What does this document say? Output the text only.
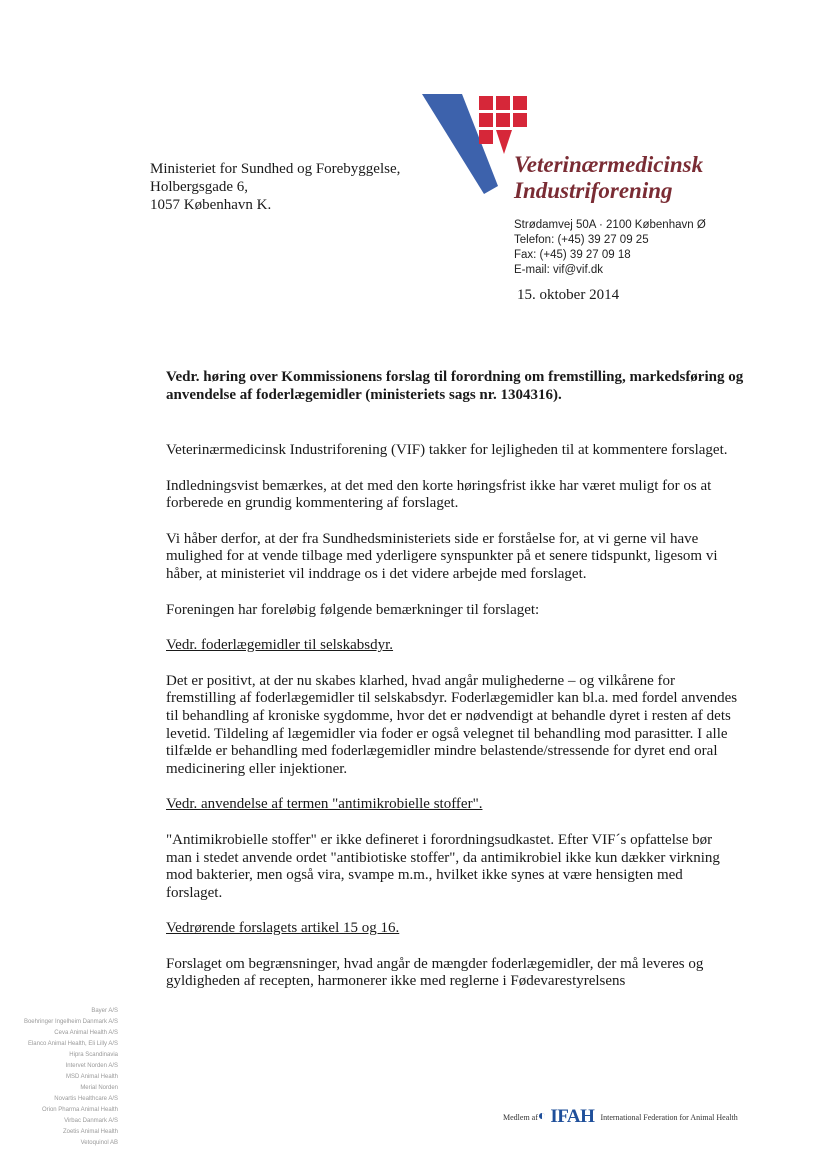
Veterinærmedicinsk
Industriforening
Ministeriet for Sundhed og Forebyggelse,
Holbergsgade 6,
1057 København K.
Strødamvej 50A · 2100 København Ø
Telefon: (+45) 39 27 09 25
Fax: (+45) 39 27 09 18
E-mail: vif@vif.dk
15. oktober 2014
Vedr. høring over Kommissionens forslag til forordning om fremstilling, markedsføring og anvendelse af foderlægemidler (ministeriets sags nr. 1304316).

Veterinærmedicinsk Industriforening (VIF) takker for lejligheden til at kommentere forslaget.

Indledningsvist bemærkes, at det med den korte høringsfrist ikke har været muligt for os at forberede en grundig kommentering af forslaget.

Vi håber derfor, at der fra Sundhedsministeriets side er forståelse for, at vi gerne vil have mulighed for at vende tilbage med yderligere synspunkter på et senere tidspunkt, ligesom vi håber, at ministeriet vil inddrage os i det videre arbejde med forslaget.

Foreningen har foreløbig følgende bemærkninger til forslaget:

Vedr. foderlægemidler til selskabsdyr.

Det er positivt, at der nu skabes klarhed, hvad angår mulighederne – og vilkårene for fremstilling af foderlægemidler til selskabsdyr. Foderlægemidler kan bl.a. med fordel anvendes til behandling af kroniske sygdomme, hvor det er nødvendigt at behandle dyret i resten af dets levetid. Tildeling af lægemidler via foder er også velegnet til behandling mod parasitter. I alle tilfælde er behandling med foderlægemidler mindre belastende/stressende for dyret end oral medicinering eller injektioner.

Vedr. anvendelse af termen "antimikrobielle stoffer".

"Antimikrobielle stoffer" er ikke defineret i forordningsudkastet. Efter VIF´s opfattelse bør man i stedet anvende ordet "antibiotiske stoffer", da antimikrobiel ikke kun dækker virkning mod bakterier, men også vira, svampe m.m., hvilket ikke synes at være hensigten med forslaget.

Vedrørende forslagets artikel 15 og 16.

Forslaget om begrænsninger, hvad angår de mængder foderlægemidler, der må leveres og gyldigheden af recepten, harmonerer ikke med reglerne i Fødevarestyrelsens

Bayer A/S
Boehringer Ingelheim Danmark A/S
Ceva Animal Health A/S
Elanco Animal Health, Eli Lilly A/S
Hipra Scandinavia
Intervet Norden A/S
MSD Animal Health
Merial Norden
Novartis Healthcare A/S
Orion Pharma Animal Health
Virbac Danmark A/S
Zoetis Animal Health
Vetoquinol AB
Medlem af ◐ IFAH International Federation for Animal Health
